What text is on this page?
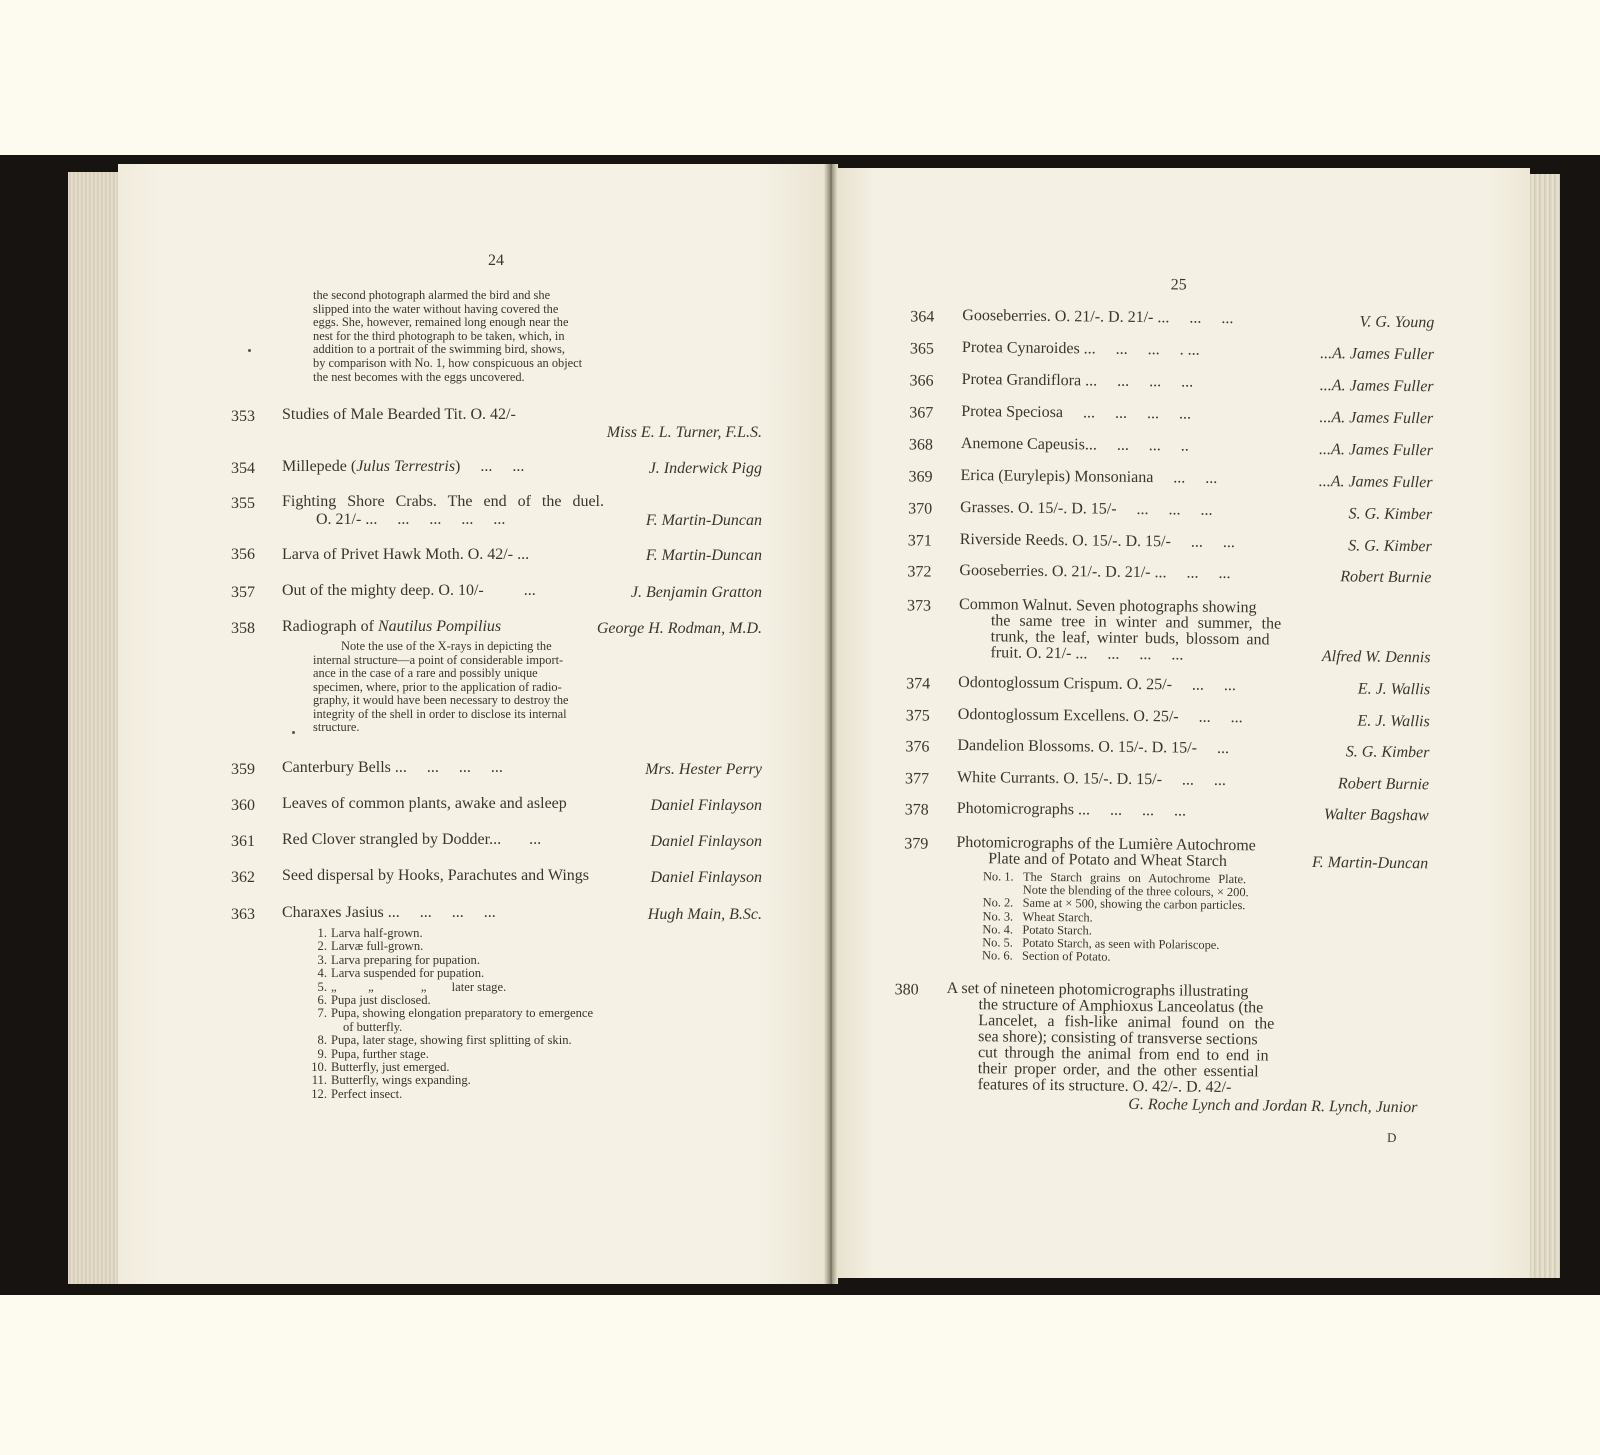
24
the second photograph alarmed the bird and she
slipped into the water without having covered the
eggs. She, however, remained long enough near the
nest for the third photograph to be taken, which, in
addition to a portrait of the swimming bird, shows,
by comparison with No. 1, how conspicuous an object
the nest becomes with the eggs uncovered.
353 Studies of Male Bearded Tit. O. 42/-
Miss E. L. Turner, F.L.S.
354 Millepede (Julus Terrestris)     ...     ...	J. Inderwick Pigg
355 Fighting Shore Crabs. The end of the duel.
O. 21/- ...     ...     ...     ...     ...	F. Martin-Duncan
356 Larva of Privet Hawk Moth. O. 42/- ...	F. Martin-Duncan
357 Out of the mighty deep. O. 10/-          ...	J. Benjamin Gratton
358 Radiograph of Nautilus Pompilius	George H. Rodman, M.D.
Note the use of the X-rays in depicting the
internal structure—a point of considerable import-
ance in the case of a rare and possibly unique
specimen, where, prior to the application of radio-
graphy, it would have been necessary to destroy the
integrity of the shell in order to disclose its internal
structure.
359 Canterbury Bells ...     ...     ...     ...	Mrs. Hester Perry
360 Leaves of common plants, awake and asleep	Daniel Finlayson
361 Red Clover strangled by Dodder...       ...	Daniel Finlayson
362 Seed dispersal by Hooks, Parachutes and Wings	Daniel Finlayson
363 Charaxes Jasius ...     ...     ...     ...	Hugh Main, B.Sc.
1. Larva half-grown.
2. Larvæ full-grown.
3. Larva preparing for pupation.
4. Larva suspended for pupation.
5. „          „               „        later stage.
6. Pupa just disclosed.
7. Pupa, showing elongation preparatory to emergence
of butterfly.
8. Pupa, later stage, showing first splitting of skin.
9. Pupa, further stage.
10. Butterfly, just emerged.
11. Butterfly, wings expanding.
12. Perfect insect.
25
364 Gooseberries. O. 21/-. D. 21/- ...     ...     ...	V. G. Young
365 Protea Cynaroides ...     ...     ...     . ...	...A. James Fuller
366 Protea Grandiflora ...     ...     ...     ...	...A. James Fuller
367 Protea Speciosa     ...     ...     ...     ...	...A. James Fuller
368 Anemone Capeusis...     ...     ...     ..	...A. James Fuller
369 Erica (Eurylepis) Monsoniana     ...     ...	...A. James Fuller
370 Grasses. O. 15/-. D. 15/-     ...     ...     ...	S. G. Kimber
371 Riverside Reeds. O. 15/-. D. 15/-     ...     ...	S. G. Kimber
372 Gooseberries. O. 21/-. D. 21/- ...     ...     ...	Robert Burnie
373 Common Walnut. Seven photographs showing
the same tree in winter and summer, the
trunk, the leaf, winter buds, blossom and
fruit. O. 21/- ...     ...     ...     ...	Alfred W. Dennis
374 Odontoglossum Crispum. O. 25/-     ...     ...	E. J. Wallis
375 Odontoglossum Excellens. O. 25/-     ...     ...	E. J. Wallis
376 Dandelion Blossoms. O. 15/-. D. 15/-     ...	S. G. Kimber
377 White Currants. O. 15/-. D. 15/-     ...     ...	Robert Burnie
378 Photomicrographs ...     ...     ...     ...	Walter Bagshaw
379 Photomicrographs of the Lumière Autochrome
Plate and of Potato and Wheat Starch	F. Martin-Duncan
No. 1. The Starch grains on Autochrome Plate.
Note the blending of the three colours, × 200.
No. 2. Same at × 500, showing the carbon particles.
No. 3. Wheat Starch.
No. 4. Potato Starch.
No. 5. Potato Starch, as seen with Polariscope.
No. 6. Section of Potato.
380 A set of nineteen photomicrographs illustrating
the structure of Amphioxus Lanceolatus (the
Lancelet, a fish-like animal found on the
sea shore); consisting of transverse sections
cut through the animal from end to end in
their proper order, and the other essential
features of its structure. O. 42/-. D. 42/-
G. Roche Lynch and Jordan R. Lynch, Junior
D
